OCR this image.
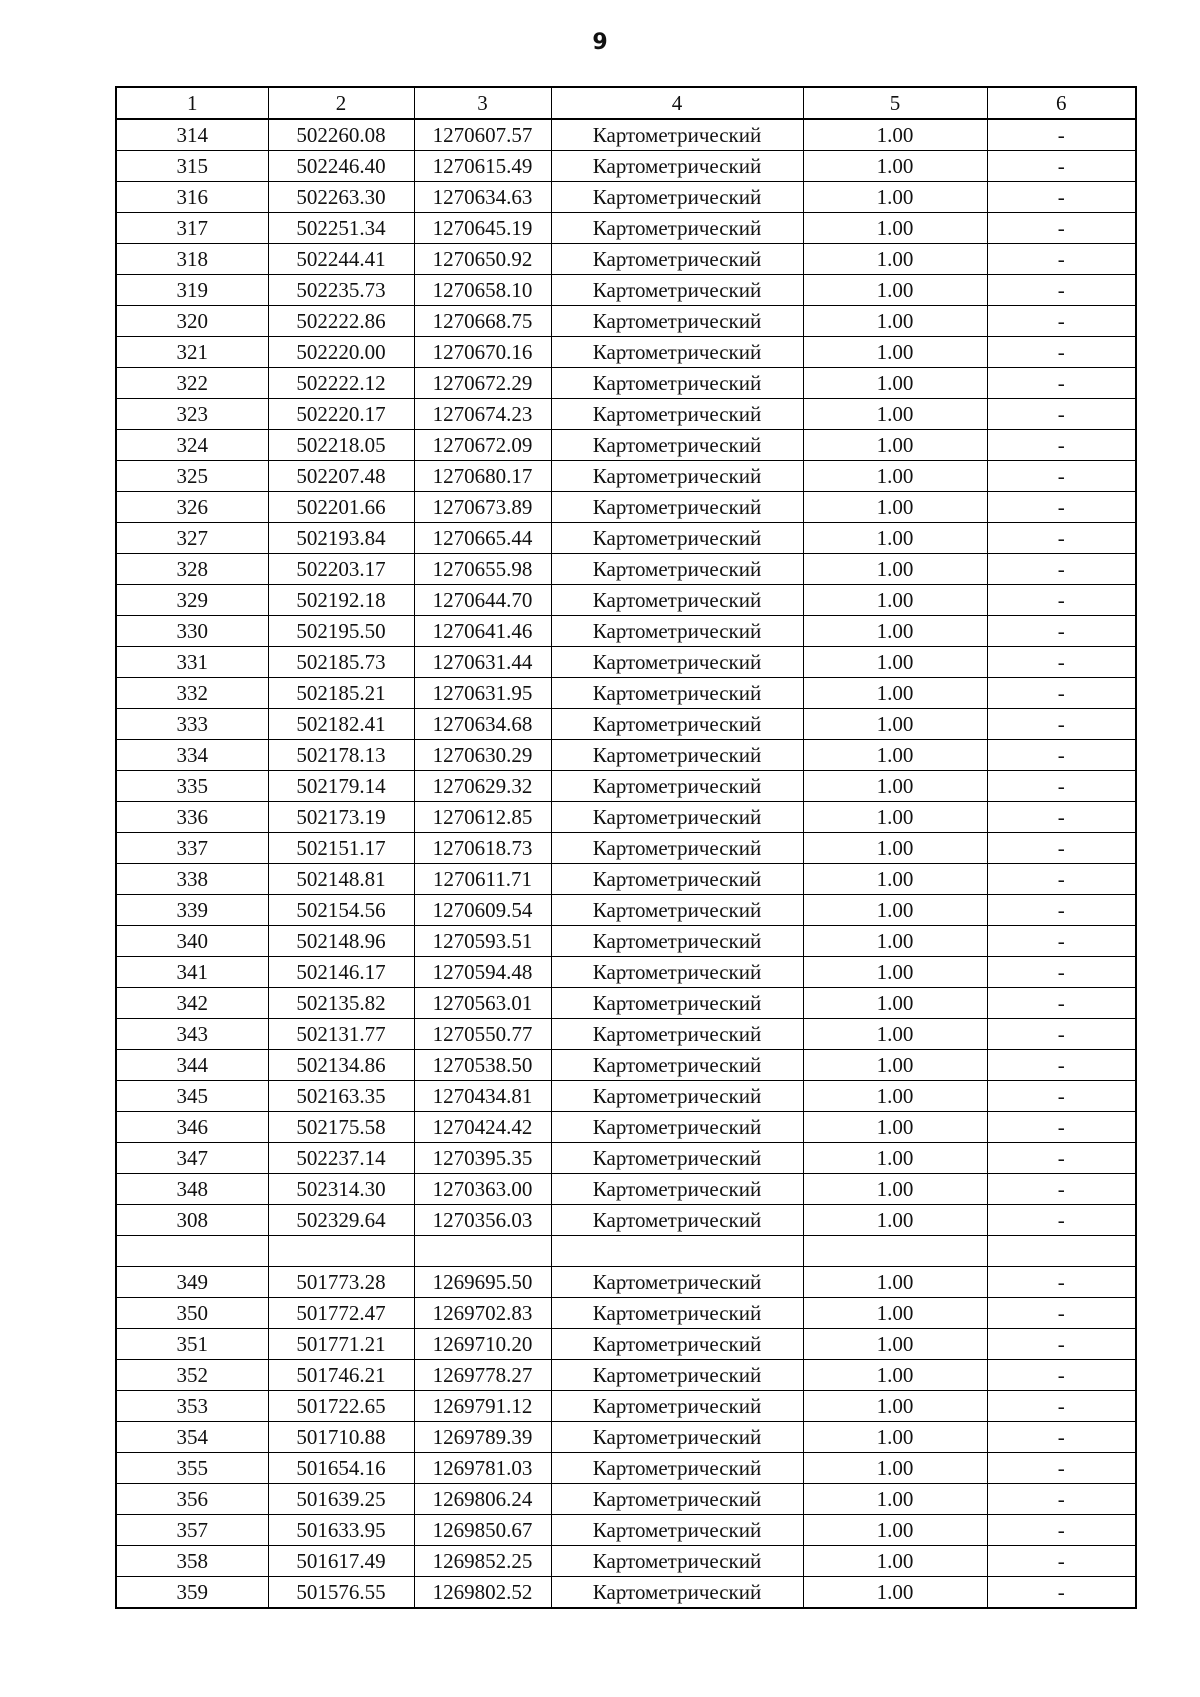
9
1	2	3	4	5	6
314	502260.08	1270607.57	Картометрический	1.00	-
315	502246.40	1270615.49	Картометрический	1.00	-
316	502263.30	1270634.63	Картометрический	1.00	-
317	502251.34	1270645.19	Картометрический	1.00	-
318	502244.41	1270650.92	Картометрический	1.00	-
319	502235.73	1270658.10	Картометрический	1.00	-
320	502222.86	1270668.75	Картометрический	1.00	-
321	502220.00	1270670.16	Картометрический	1.00	-
322	502222.12	1270672.29	Картометрический	1.00	-
323	502220.17	1270674.23	Картометрический	1.00	-
324	502218.05	1270672.09	Картометрический	1.00	-
325	502207.48	1270680.17	Картометрический	1.00	-
326	502201.66	1270673.89	Картометрический	1.00	-
327	502193.84	1270665.44	Картометрический	1.00	-
328	502203.17	1270655.98	Картометрический	1.00	-
329	502192.18	1270644.70	Картометрический	1.00	-
330	502195.50	1270641.46	Картометрический	1.00	-
331	502185.73	1270631.44	Картометрический	1.00	-
332	502185.21	1270631.95	Картометрический	1.00	-
333	502182.41	1270634.68	Картометрический	1.00	-
334	502178.13	1270630.29	Картометрический	1.00	-
335	502179.14	1270629.32	Картометрический	1.00	-
336	502173.19	1270612.85	Картометрический	1.00	-
337	502151.17	1270618.73	Картометрический	1.00	-
338	502148.81	1270611.71	Картометрический	1.00	-
339	502154.56	1270609.54	Картометрический	1.00	-
340	502148.96	1270593.51	Картометрический	1.00	-
341	502146.17	1270594.48	Картометрический	1.00	-
342	502135.82	1270563.01	Картометрический	1.00	-
343	502131.77	1270550.77	Картометрический	1.00	-
344	502134.86	1270538.50	Картометрический	1.00	-
345	502163.35	1270434.81	Картометрический	1.00	-
346	502175.58	1270424.42	Картометрический	1.00	-
347	502237.14	1270395.35	Картометрический	1.00	-
348	502314.30	1270363.00	Картометрический	1.00	-
308	502329.64	1270356.03	Картометрический	1.00	-

349	501773.28	1269695.50	Картометрический	1.00	-
350	501772.47	1269702.83	Картометрический	1.00	-
351	501771.21	1269710.20	Картометрический	1.00	-
352	501746.21	1269778.27	Картометрический	1.00	-
353	501722.65	1269791.12	Картометрический	1.00	-
354	501710.88	1269789.39	Картометрический	1.00	-
355	501654.16	1269781.03	Картометрический	1.00	-
356	501639.25	1269806.24	Картометрический	1.00	-
357	501633.95	1269850.67	Картометрический	1.00	-
358	501617.49	1269852.25	Картометрический	1.00	-
359	501576.55	1269802.52	Картометрический	1.00	-
